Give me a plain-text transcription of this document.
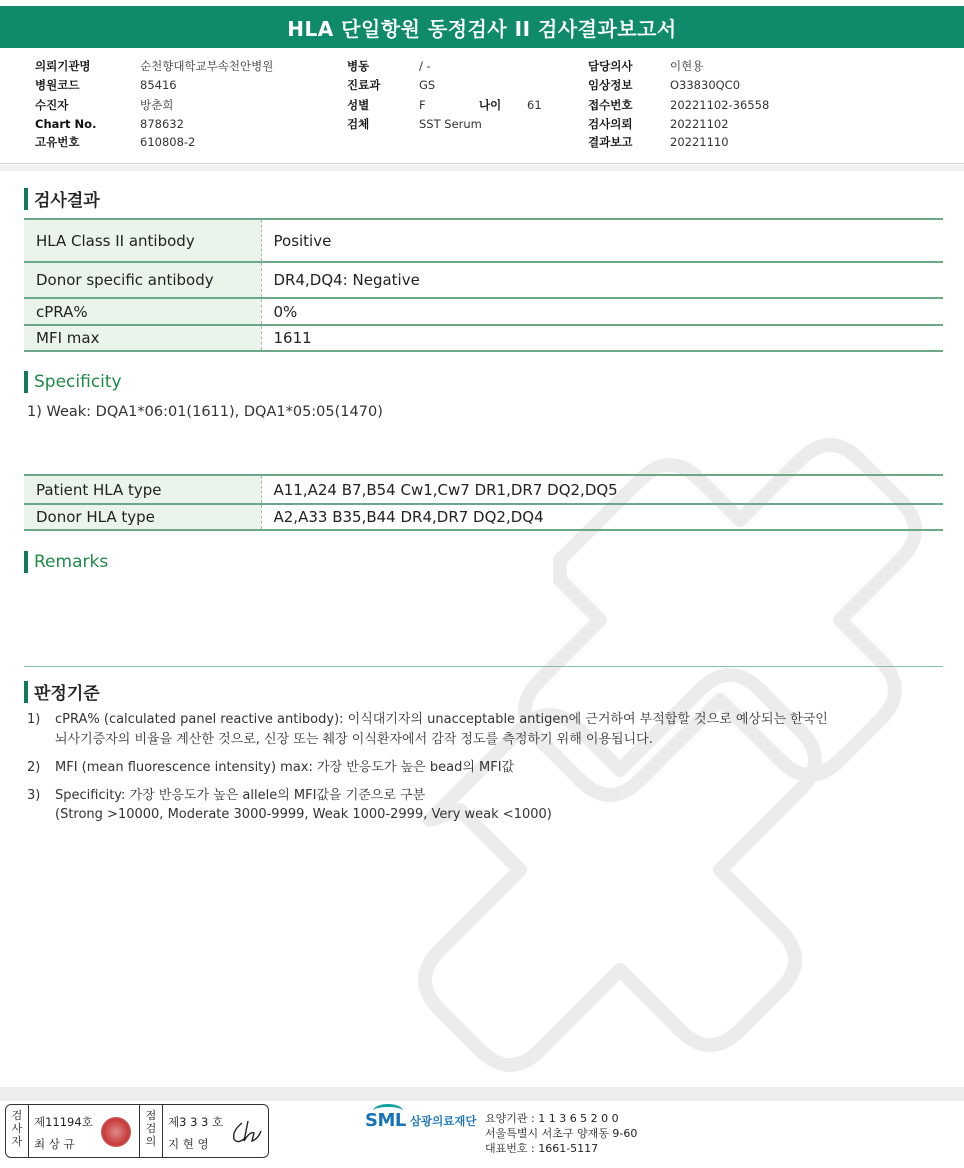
HLA 단일항원 동정검사 II 검사결과보고서
의뢰기관명	순천향대학교부속천안병원
병원코드	85416
수진자	방춘희
Chart No.	878632
고유번호	610808-2
병동	/ -
진료과	GS
성별	F	나이	61
검체	SST Serum
담당의사	이현용
임상정보	O33830QC0
접수번호	20221102-36558
검사의뢰	20221102
결과보고	20221110
검사결과
HLA Class II antibody	Positive
Donor specific antibody	DR4,DQ4: Negative
cPRA%	0%
MFI max	1611
Specificity
1) Weak: DQA1*06:01(1611), DQA1*05:05(1470)
Patient HLA type	A11,A24 B7,B54 Cw1,Cw7 DR1,DR7 DQ2,DQ5
Donor HLA type	A2,A33 B35,B44 DR4,DR7 DQ2,DQ4
Remarks
판정기준
1) cPRA% (calculated panel reactive antibody): 이식대기자의 unacceptable antigen에 근거하여 부적합할 것으로 예상되는 한국인
뇌사기증자의 비율을 계산한 것으로, 신장 또는 췌장 이식환자에서 감작 정도를 측정하기 위해 이용됩니다.
2) MFI (mean fluorescence intensity) max: 가장 반응도가 높은 bead의 MFI값
3) Specificity: 가장 반응도가 높은 allele의 MFI값을 기준으로 구분
(Strong >10000, Moderate 3000-9999, Weak 1000-2999, Very weak <1000)
검
사
자
제11194호
최 상 규
점
검
의
제3 3 3 호
지 현 영
SML 삼광의료재단 요양기관 : 1 1 3 6 5 2 0 0
서울특별시 서초구 양재동 9-60
대표번호 : 1661-5117
